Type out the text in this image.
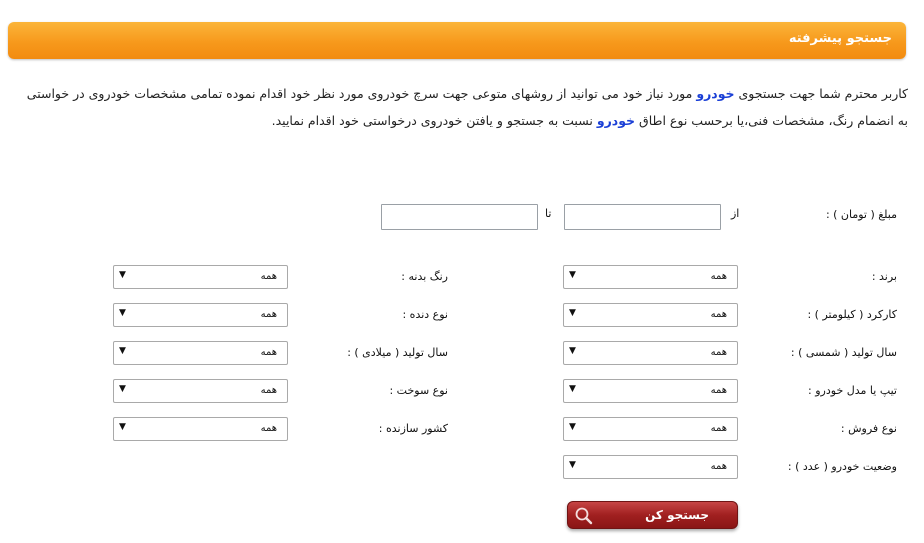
جستجو پیشرفته
کاربر محترم شما جهت جستجوی خودرو مورد نیاز خود می توانید از روشهای متوعی جهت سرچ خودروی مورد نظر خود اقدام نموده تمامی مشخصات خودروی در خواستی به انضمام رنگ، مشخصات فنی،یا برحسب نوع اطاق خودرو نسبت به جستجو و یافتن خودروی درخواستی خود اقدام نمایید.
مبلغ ( تومان ) :
از
تا
برند :
همه
▼
کارکرد ( کیلومتر ) :
همه
▼
سال تولید ( شمسی ) :
همه
▼
تیپ یا مدل خودرو :
همه
▼
نوع فروش :
همه
▼
وضعیت خودرو ( عدد ) :
همه
▼
رنگ بدنه :
همه
▼
نوع دنده :
همه
▼
سال تولید ( میلادی ) :
همه
▼
نوع سوخت :
همه
▼
کشور سازنده :
همه
▼
جستجو کن
